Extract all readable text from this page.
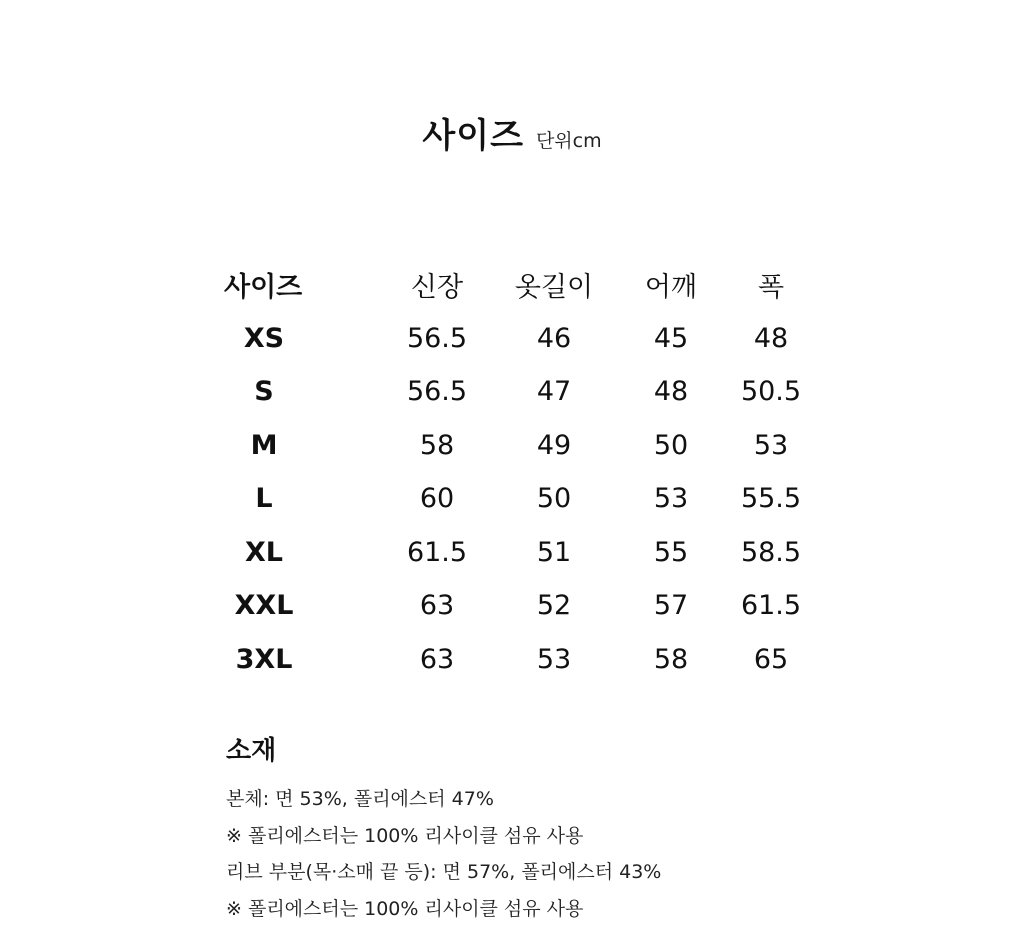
사이즈 단위cm
사이즈		신장	옷길이	어깨	폭
XS		56.5	46	45	48
S		56.5	47	48	50.5
M		58	49	50	53
L		60	50	53	55.5
XL		61.5	51	55	58.5
XXL		63	52	57	61.5
3XL		63	53	58	65
소재

본체: 면 53%, 폴리에스터 47%

※ 폴리에스터는 100% 리사이클 섬유 사용

리브 부분(목·소매 끝 등): 면 57%, 폴리에스터 43%

※ 폴리에스터는 100% 리사이클 섬유 사용
